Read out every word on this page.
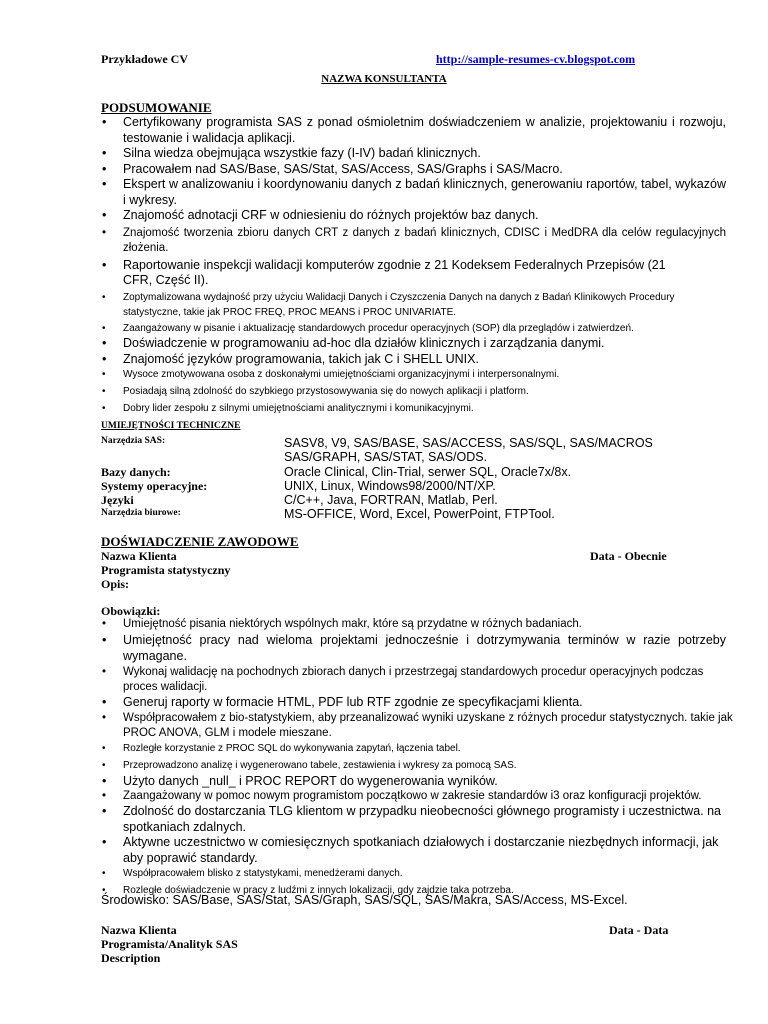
Przykładowe CV	http://sample-resumes-cv.blogspot.com
NAZWA KONSULTANTA
PODSUMOWANIE
• Certyfikowany programista SAS z ponad ośmioletnim doświadczeniem w analizie, projektowaniu i rozwoju, testowanie i walidacja aplikacji.
• Silna wiedza obejmująca wszystkie fazy (I-IV) badań klinicznych.
• Pracowałem nad SAS/Base, SAS/Stat, SAS/Access, SAS/Graphs i SAS/Macro.
• Ekspert w analizowaniu i koordynowaniu danych z badań klinicznych, generowaniu raportów, tabel, wykazów i wykresy.
• Znajomość adnotacji CRF w odniesieniu do różnych projektów baz danych.
• Znajomość tworzenia zbioru danych CRT z danych z badań klinicznych, CDISC i MedDRA dla celów regulacyjnych złożenia.
• Raportowanie inspekcji walidacji komputerów zgodnie z 21 Kodeksem Federalnych Przepisów (21 CFR, Część II).
• Zoptymalizowana wydajność przy użyciu Walidacji Danych i Czyszczenia Danych na danych z Badań Klinikowych Procedury statystyczne, takie jak PROC FREQ, PROC MEANS i PROC UNIVARIATE.
• Zaangażowany w pisanie i aktualizację standardowych procedur operacyjnych (SOP) dla przeglądów i zatwierdzeń.
• Doświadczenie w programowaniu ad-hoc dla działów klinicznych i zarządzania danymi.
• Znajomość języków programowania, takich jak C i SHELL UNIX.
• Wysoce zmotywowana osoba z doskonałymi umiejętnościami organizacyjnymi i interpersonalnymi.
• Posiadają silną zdolność do szybkiego przystosowywania się do nowych aplikacji i platform.
• Dobry lider zespołu z silnymi umiejętnościami analitycznymi i komunikacyjnymi.
UMIEJĘTNOŚCI TECHNICZNE
Narzędzia SAS:	SASV8, V9, SAS/BASE, SAS/ACCESS, SAS/SQL, SAS/MACROS
SAS/GRAPH, SAS/STAT, SAS/ODS.
Bazy danych:	Oracle Clinical, Clin-Trial, serwer SQL, Oracle7x/8x.
Systemy operacyjne:	UNIX, Linux, Windows98/2000/NT/XP.
Języki	C/C++, Java, FORTRAN, Matlab, Perl.
Narzędzia biurowe:	MS-OFFICE, Word, Excel, PowerPoint, FTPTool.
DOŚWIADCZENIE ZAWODOWE
Nazwa Klienta	Data - Obecnie
Programista statystyczny
Opis:
Obowiązki:
• Umiejętność pisania niektórych wspólnych makr, które są przydatne w różnych badaniach.
• Umiejętność pracy nad wieloma projektami jednocześnie i dotrzymywania terminów w razie potrzeby wymagane.
• Wykonaj walidację na pochodnych zbiorach danych i przestrzegaj standardowych procedur operacyjnych podczas proces walidacji.
• Generuj raporty w formacie HTML, PDF lub RTF zgodnie ze specyfikacjami klienta.
• Współpracowałem z bio-statystykiem, aby przeanalizować wyniki uzyskane z różnych procedur statystycznych. takie jak PROC ANOVA, GLM i modele mieszane.
• Rozległe korzystanie z PROC SQL do wykonywania zapytań, łączenia tabel.
• Przeprowadzono analizę i wygenerowano tabele, zestawienia i wykresy za pomocą SAS.
• Użyto danych _null_ i PROC REPORT do wygenerowania wyników.
• Zaangażowany w pomoc nowym programistom początkowo w zakresie standardów i3 oraz konfiguracji projektów.
• Zdolność do dostarczania TLG klientom w przypadku nieobecności głównego programisty i uczestnictwa. na spotkaniach zdalnych.
• Aktywne uczestnictwo w comiesięcznych spotkaniach działowych i dostarczanie niezbędnych informacji, jak aby poprawić standardy.
• Współpracowałem blisko z statystykami, menedżerami danych.
• Rozległe doświadczenie w pracy z ludźmi z innych lokalizacji, gdy zajdzie taka potrzeba.
Środowisko: SAS/Base, SAS/Stat, SAS/Graph, SAS/SQL, SAS/Makra, SAS/Access, MS-Excel.
Nazwa Klienta	Data - Data
Programista/Analityk SAS
Description
